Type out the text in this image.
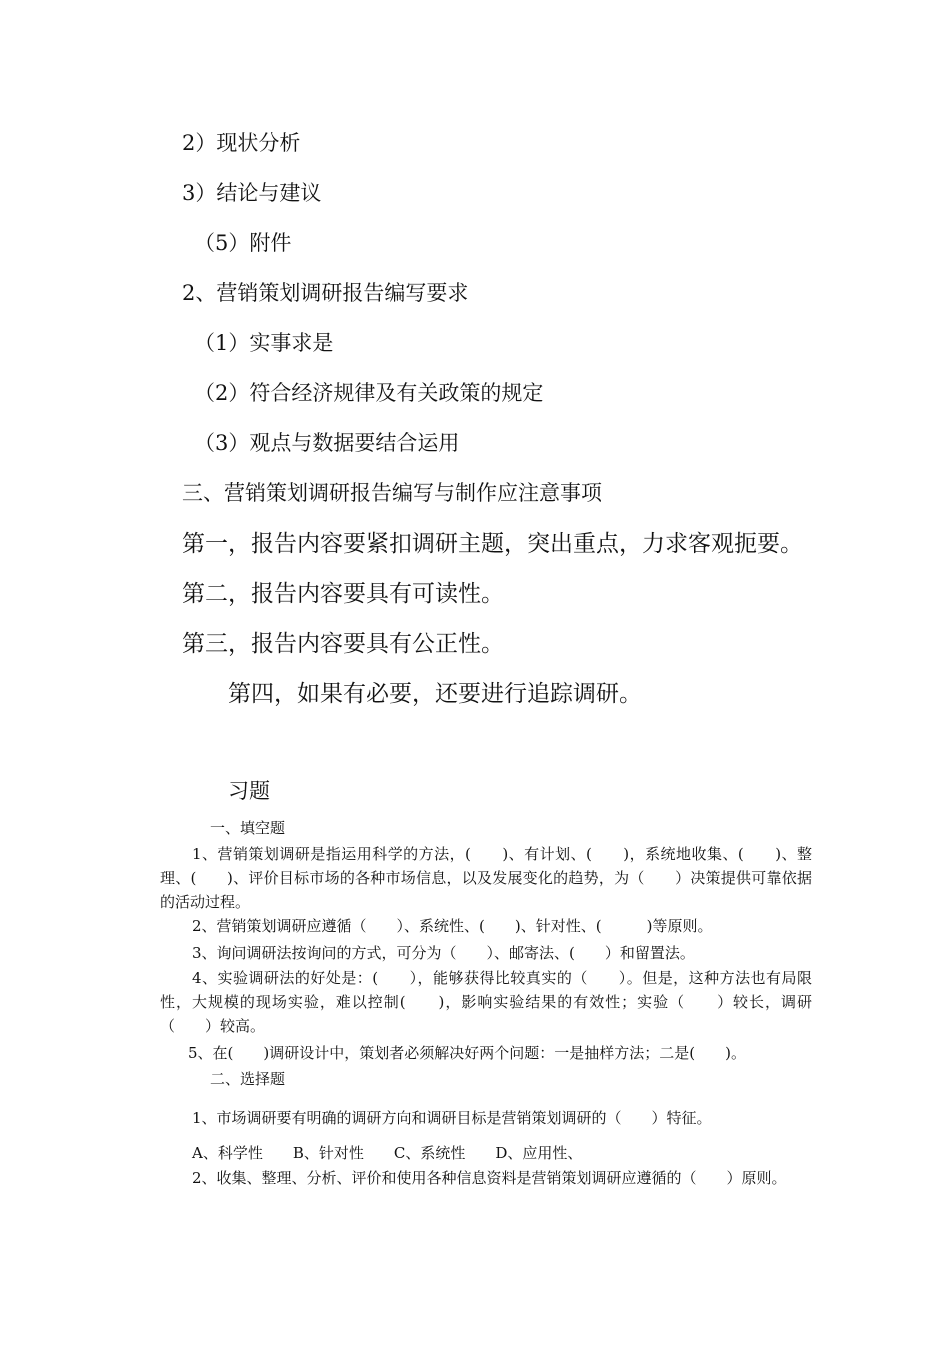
2）现状分析
3）结论与建议
（5）附件
2、营销策划调研报告编写要求
（1）实事求是
（2）符合经济规律及有关政策的规定
（3）观点与数据要结合运用
三、营销策划调研报告编写与制作应注意事项
第一，报告内容要紧扣调研主题，突出重点，力求客观扼要。
第二，报告内容要具有可读性。
第三，报告内容要具有公正性。
第四，如果有必要，还要进行追踪调研。
习题
一、填空题
1、营销策划调研是指运用科学的方法，(　　)、有计划、(　　)，系统地收集、(　　)、整理、(　　)、评价目标市场的各种市场信息，以及发展变化的趋势，为（　　）决策提供可靠依据的活动过程。
2、营销策划调研应遵循（　　）、系统性、(　　)、针对性、(　　　)等原则。
3、询问调研法按询问的方式，可分为（　　）、邮寄法、(　　）和留置法。
4、实验调研法的好处是：(　　），能够获得比较真实的（　　）。但是，这种方法也有局限性，大规模的现场实验，难以控制(　　)，影响实验结果的有效性；实验（　　）较长，调研（　　）较高。
5、在(　　)调研设计中，策划者必须解决好两个问题：一是抽样方法；二是(　　)。
二、选择题
1、市场调研要有明确的调研方向和调研目标是营销策划调研的（　　）特征。
A、科学性　　B、针对性　　C、系统性　　D、应用性、
2、收集、整理、分析、评价和使用各种信息资料是营销策划调研应遵循的（　　）原则。
